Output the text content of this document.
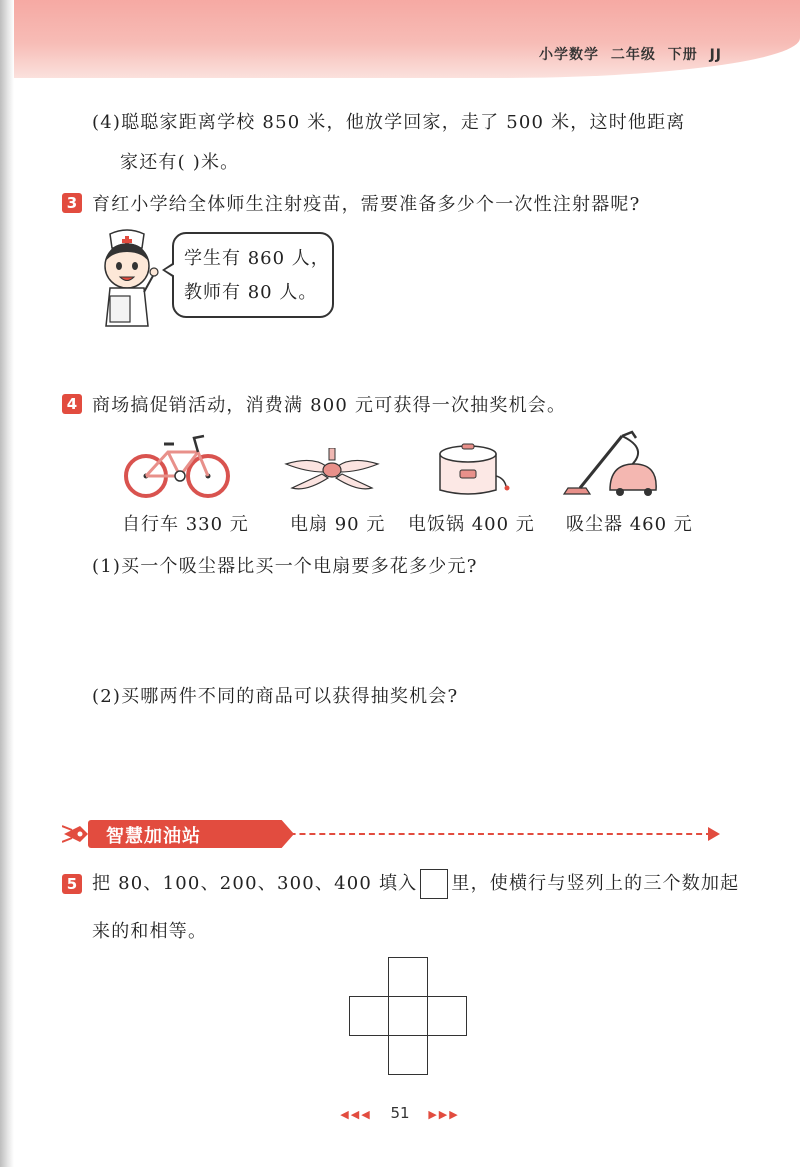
小学数学 二年级 下册 JJ
(4)聪聪家距离学校 850 米，他放学回家，走了 500 米，这时他距离
家还有( )米。
3 育红小学给全体师生注射疫苗，需要准备多少个一次性注射器呢?
学生有 860 人，
教师有 80 人。
4 商场搞促销活动，消费满 800 元可获得一次抽奖机会。
自行车 330 元 电扇 90 元 电饭锅 400 元 吸尘器 460 元
(1)买一个吸尘器比买一个电扇要多花多少元?
(2)买哪两件不同的商品可以获得抽奖机会?
智慧加油站
5 把 80、100、200、300、400 填入 里，使横行与竖列上的三个数加起
来的和相等。
◀◀◀ 51 ▶▶▶
